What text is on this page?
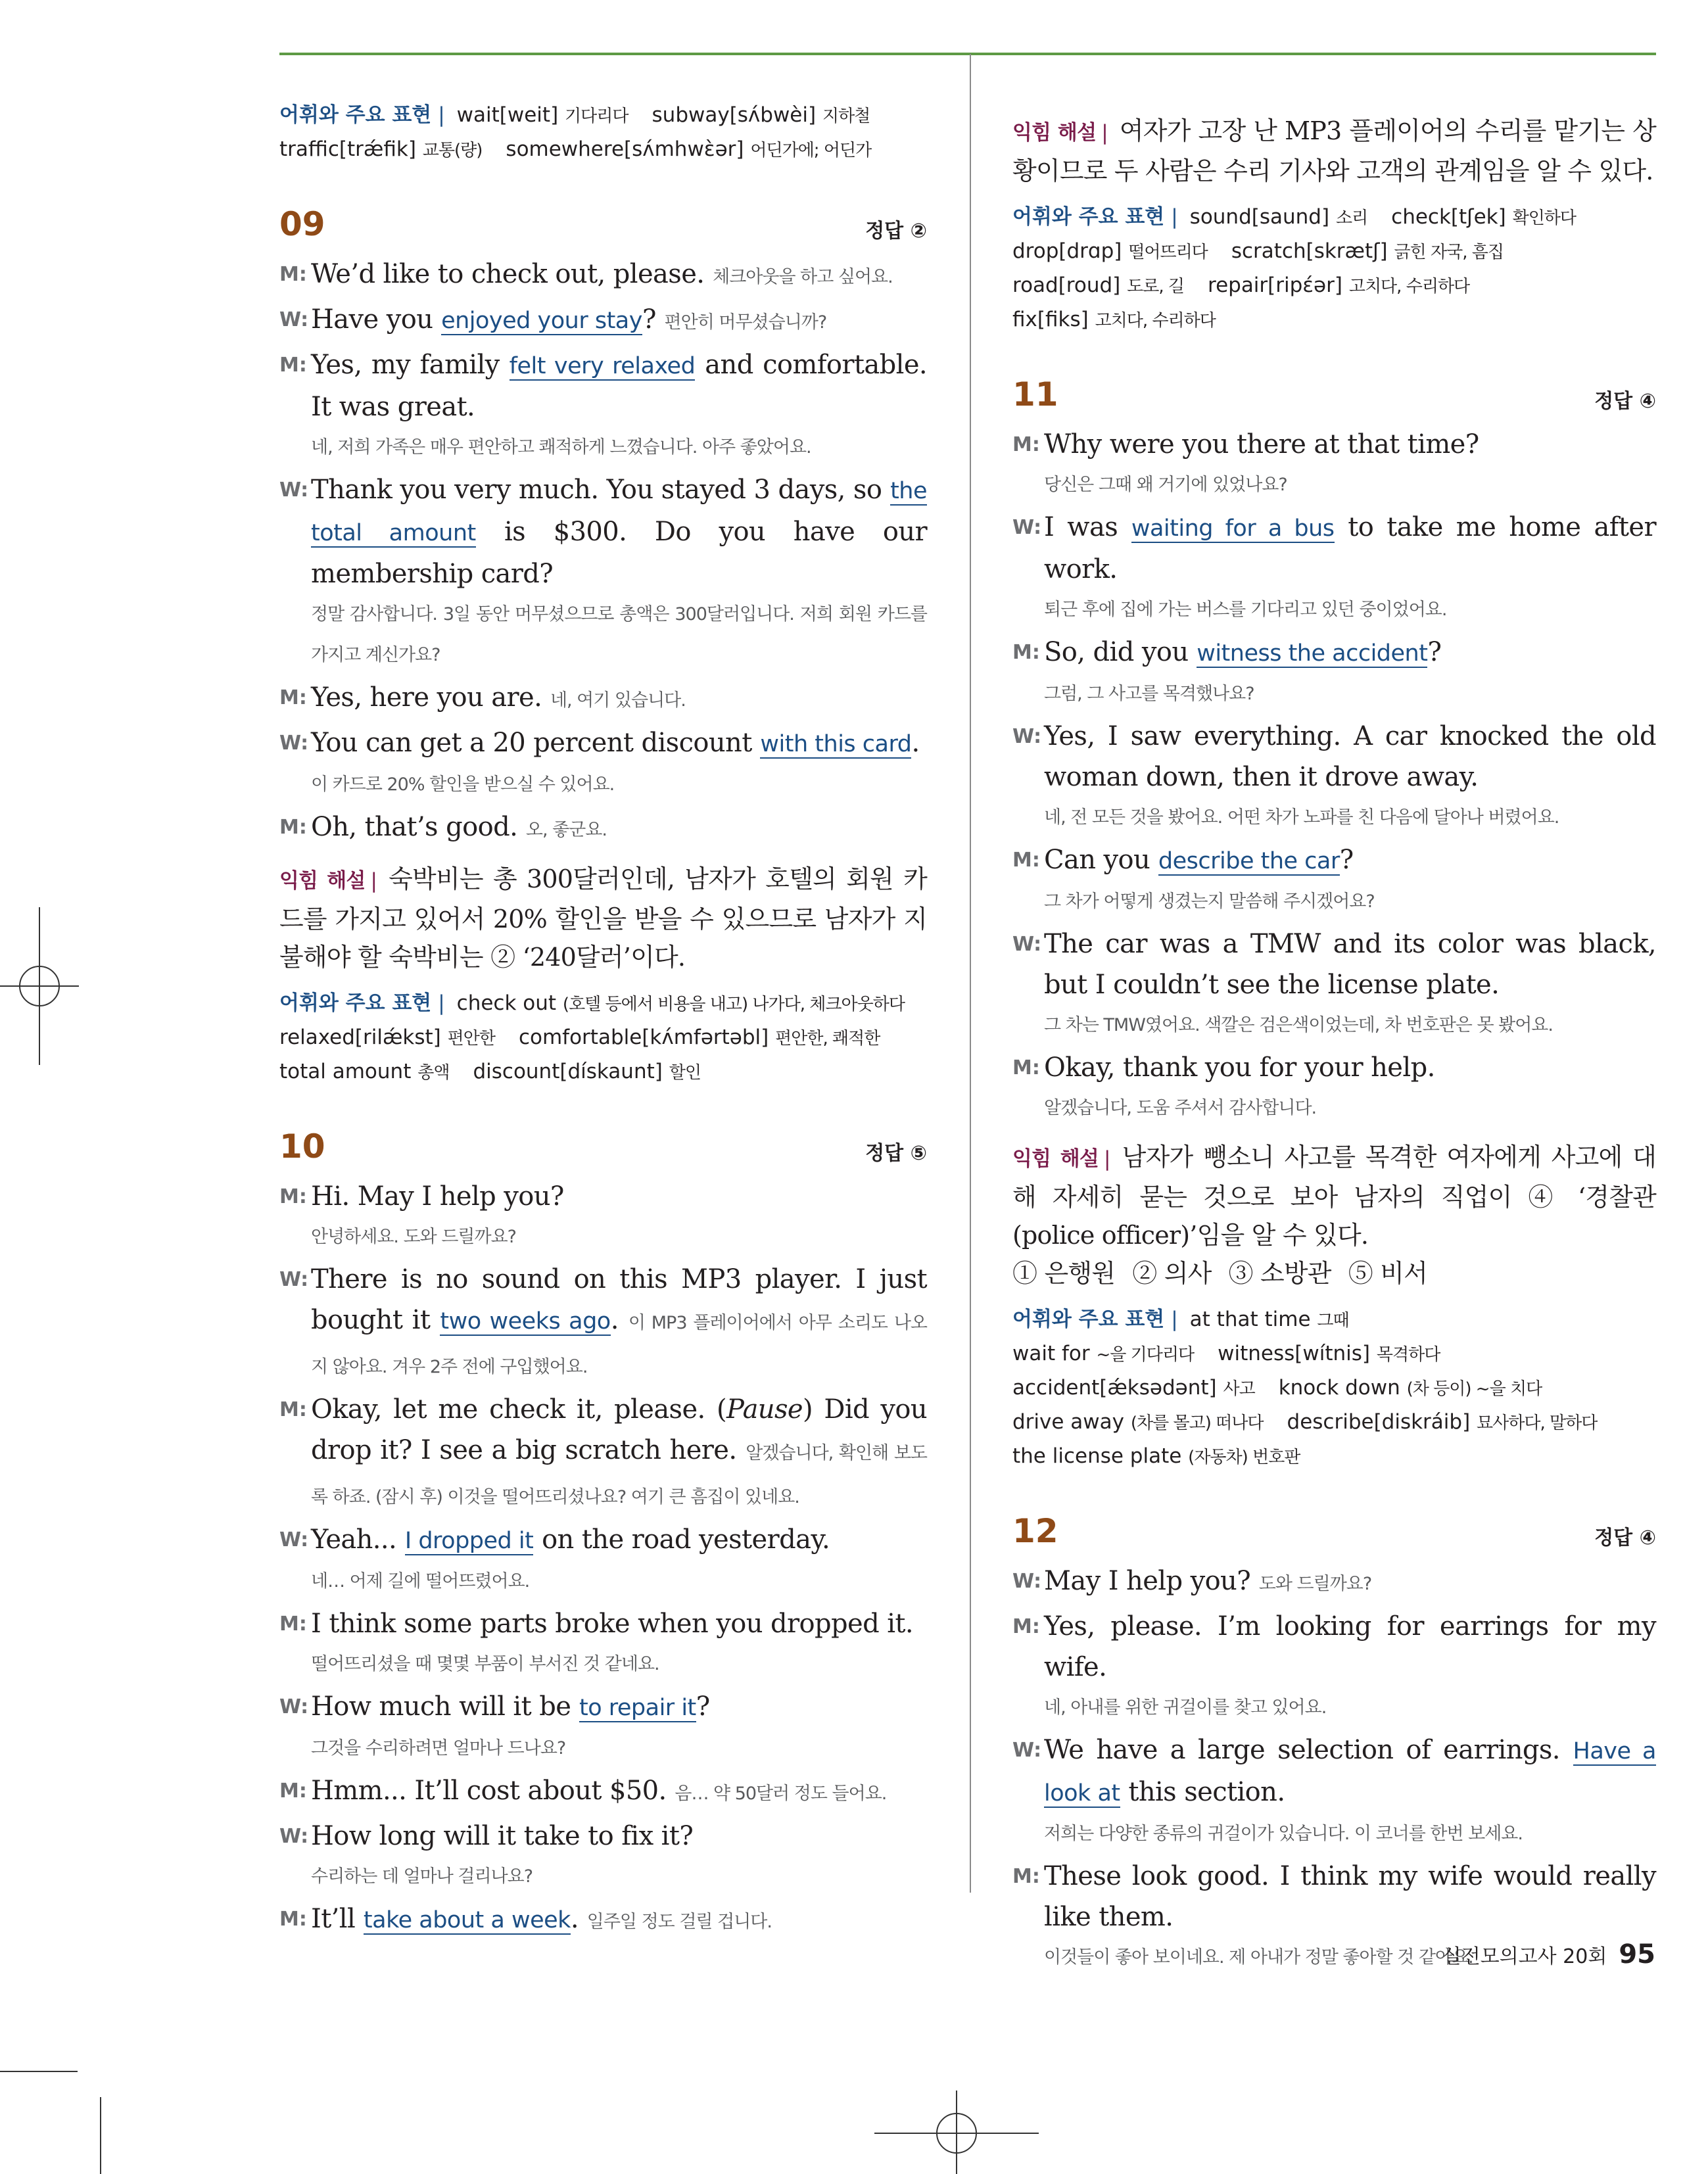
어휘와 주요 표현 | wait[weit] 기다리다 subway[sʌ́bwèi] 지하철
traffic[trǽfik] 교통(량) somewhere[sʌ́mhwὲər] 어딘가에; 어딘가
09	정답 ②
M: We’d like to check out, please. 체크아웃을 하고 싶어요.
W: Have you enjoyed your stay? 편안히 머무셨습니까?
M: Yes, my family felt very relaxed and comfortable. It was great.
네, 저희 가족은 매우 편안하고 쾌적하게 느꼈습니다. 아주 좋았어요.
W: Thank you very much. You stayed 3 days, so the total amount is $300. Do you have our membership card?
정말 감사합니다. 3일 동안 머무셨으므로 총액은 300달러입니다. 저희 회원 카드를 가지고 계신가요?
M: Yes, here you are. 네, 여기 있습니다.
W: You can get a 20 percent discount with this card.
이 카드로 20% 할인을 받으실 수 있어요.
M: Oh, that’s good. 오, 좋군요.
익힘 해설 | 숙박비는 총 300달러인데, 남자가 호텔의 회원 카드를 가지고 있어서 20% 할인을 받을 수 있으므로 남자가 지불해야 할 숙박비는 ② ‘240달러’이다.
어휘와 주요 표현 | check out (호텔 등에서 비용을 내고) 나가다, 체크아웃하다
relaxed[rilǽkst] 편안한 comfortable[kʌ́mfərtəbl] 편안한, 쾌적한
total amount 총액 discount[dískaunt] 할인
10	정답 ⑤
M: Hi. May I help you?
안녕하세요. 도와 드릴까요?
W: There is no sound on this MP3 player. I just bought it two weeks ago. 이 MP3 플레이어에서 아무 소리도 나오지 않아요. 겨우 2주 전에 구입했어요.
M: Okay, let me check it, please. (Pause) Did you drop it? I see a big scratch here. 알겠습니다, 확인해 보도록 하죠. (잠시 후) 이것을 떨어뜨리셨나요? 여기 큰 흠집이 있네요.
W: Yeah... I dropped it on the road yesterday.
네… 어제 길에 떨어뜨렸어요.
M: I think some parts broke when you dropped it.
떨어뜨리셨을 때 몇몇 부품이 부서진 것 같네요.
W: How much will it be to repair it?
그것을 수리하려면 얼마나 드나요?
M: Hmm... It’ll cost about $50. 음… 약 50달러 정도 들어요.
W: How long will it take to fix it?
수리하는 데 얼마나 걸리나요?
M: It’ll take about a week. 일주일 정도 걸릴 겁니다.
익힘 해설 | 여자가 고장 난 MP3 플레이어의 수리를 맡기는 상황이므로 두 사람은 수리 기사와 고객의 관계임을 알 수 있다.
어휘와 주요 표현 | sound[saund] 소리 check[tʃek] 확인하다
drop[drɑp] 떨어뜨리다 scratch[skrætʃ] 긁힌 자국, 흠집
road[roud] 도로, 길 repair[ripέər] 고치다, 수리하다
fix[fiks] 고치다, 수리하다
11	정답 ④
M: Why were you there at that time?
당신은 그때 왜 거기에 있었나요?
W: I was waiting for a bus to take me home after work.
퇴근 후에 집에 가는 버스를 기다리고 있던 중이었어요.
M: So, did you witness the accident?
그럼, 그 사고를 목격했나요?
W: Yes, I saw everything. A car knocked the old woman down, then it drove away.
네, 전 모든 것을 봤어요. 어떤 차가 노파를 친 다음에 달아나 버렸어요.
M: Can you describe the car?
그 차가 어떻게 생겼는지 말씀해 주시겠어요?
W: The car was a TMW and its color was black, but I couldn’t see the license plate.
그 차는 TMW였어요. 색깔은 검은색이었는데, 차 번호판은 못 봤어요.
M: Okay, thank you for your help.
알겠습니다, 도움 주셔서 감사합니다.
익힘 해설 | 남자가 뺑소니 사고를 목격한 여자에게 사고에 대해 자세히 묻는 것으로 보아 남자의 직업이 ④ ‘경찰관(police officer)’임을 알 수 있다.
① 은행원 ② 의사 ③ 소방관 ⑤ 비서
어휘와 주요 표현 | at that time 그때
wait for ~을 기다리다 witness[wítnis] 목격하다
accident[ǽksədənt] 사고 knock down (차 등이) ~을 치다
drive away (차를 몰고) 떠나다 describe[diskráib] 묘사하다, 말하다
the license plate (자동차) 번호판
12	정답 ④
W: May I help you? 도와 드릴까요?
M: Yes, please. I’m looking for earrings for my wife.
네, 아내를 위한 귀걸이를 찾고 있어요.
W: We have a large selection of earrings. Have a look at this section.
저희는 다양한 종류의 귀걸이가 있습니다. 이 코너를 한번 보세요.
M: These look good. I think my wife would really like them.
이것들이 좋아 보이네요. 제 아내가 정말 좋아할 것 같아요.
실전모의고사 20회 95
